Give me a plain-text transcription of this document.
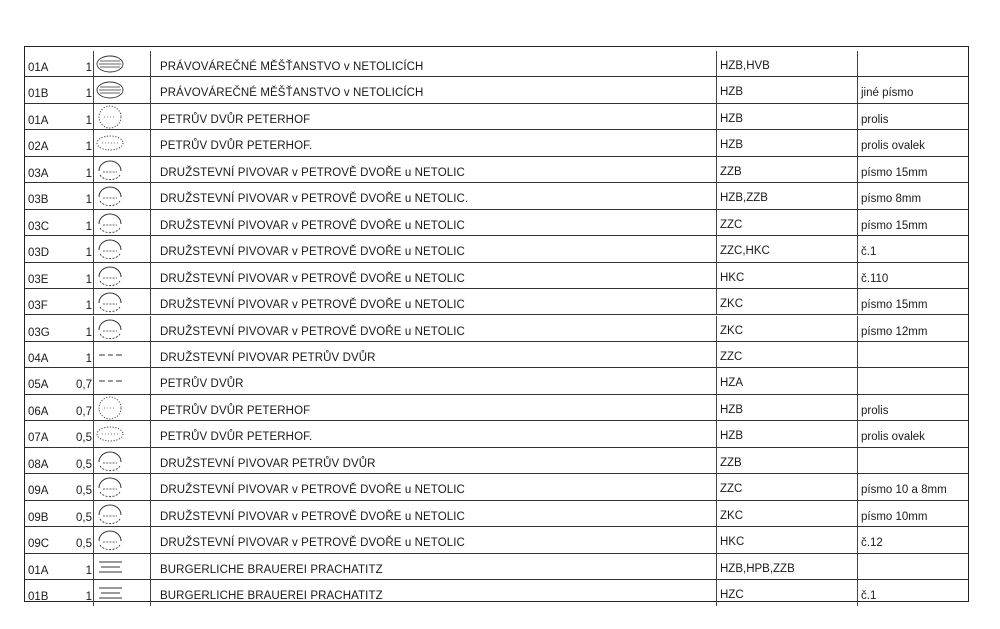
01A	1	PRÁVOVÁREČNÉ MĚŠŤANSTVO v NETOLICÍCH	HZB,HVB
01B	1	PRÁVOVÁREČNÉ MĚŠŤANSTVO v NETOLICÍCH	HZB	jiné písmo
01A	1	PETRŮV DVŮR PETERHOF	HZB	prolis
02A	1	PETRŮV DVŮR PETERHOF.	HZB	prolis ovalek
03A	1	DRUŽSTEVNÍ PIVOVAR v PETROVĚ DVOŘE u NETOLIC	ZZB	písmo 15mm
03B	1	DRUŽSTEVNÍ PIVOVAR v PETROVĚ DVOŘE u NETOLIC.	HZB,ZZB	písmo 8mm
03C	1	DRUŽSTEVNÍ PIVOVAR v PETROVĚ DVOŘE u NETOLIC	ZZC	písmo 15mm
03D	1	DRUŽSTEVNÍ PIVOVAR v PETROVĚ DVOŘE u NETOLIC	ZZC,HKC	č.1
03E	1	DRUŽSTEVNÍ PIVOVAR v PETROVĚ DVOŘE u NETOLIC	HKC	č.110
03F	1	DRUŽSTEVNÍ PIVOVAR v PETROVĚ DVOŘE u NETOLIC	ZKC	písmo 15mm
03G	1	DRUŽSTEVNÍ PIVOVAR v PETROVĚ DVOŘE u NETOLIC	ZKC	písmo 12mm
04A	1	DRUŽSTEVNÍ PIVOVAR PETRŮV DVŮR	ZZC
05A	0,7	PETRŮV DVŮR	HZA
06A	0,7	PETRŮV DVŮR PETERHOF	HZB	prolis
07A	0,5	PETRŮV DVŮR PETERHOF.	HZB	prolis ovalek
08A	0,5	DRUŽSTEVNÍ PIVOVAR PETRŮV DVŮR	ZZB
09A	0,5	DRUŽSTEVNÍ PIVOVAR v PETROVĚ DVOŘE u NETOLIC	ZZC	písmo 10 a 8mm
09B	0,5	DRUŽSTEVNÍ PIVOVAR v PETROVĚ DVOŘE u NETOLIC	ZKC	písmo 10mm
09C	0,5	DRUŽSTEVNÍ PIVOVAR v PETROVĚ DVOŘE u NETOLIC	HKC	č.12
01A	1	BURGERLICHE BRAUEREI PRACHATITZ	HZB,HPB,ZZB
01B	1	BURGERLICHE BRAUEREI PRACHATITZ	HZC	č.1
